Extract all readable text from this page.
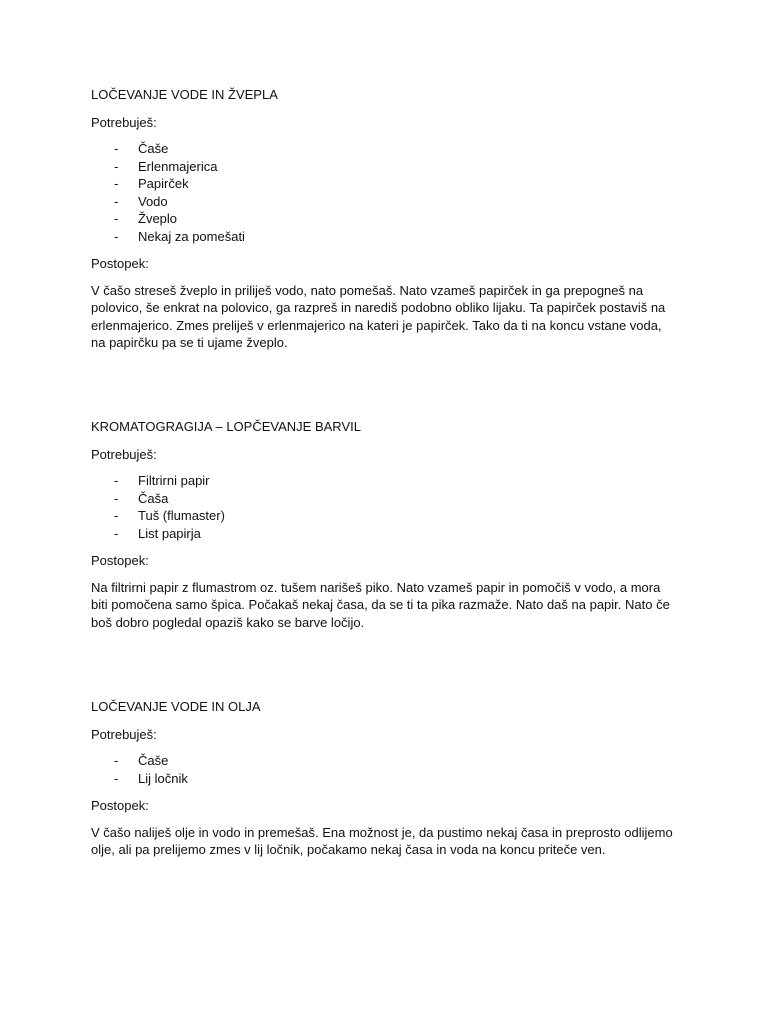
LOČEVANJE VODE IN ŽVEPLA

Potrebuješ:

- Čaše
- Erlenmajerica
- Papirček
- Vodo
- Žveplo
- Nekaj za pomešati

Postopek:

V čašo streseš žveplo in priliješ vodo, nato pomešaš. Nato vzameš papirček in ga prepogneš na polovico, še enkrat na polovico, ga razpreš in narediš podobno obliko lijaku. Ta papirček postaviš na erlenmajerico. Zmes preliješ v erlenmajerico na kateri je papirček. Tako da ti na koncu vstane voda, na papirčku pa se ti ujame žveplo.

KROMATOGRAGIJA – LOPČEVANJE BARVIL

Potrebuješ:

- Filtrirni papir
- Čaša
- Tuš (flumaster)
- List papirja

Postopek:

Na filtrirni papir z flumastrom oz. tušem narišeš piko. Nato vzameš papir in pomočiš v vodo, a mora biti pomočena samo špica. Počakaš nekaj časa, da se ti ta pika razmaže. Nato daš na papir. Nato če boš dobro pogledal opaziš kako se barve ločijo.

LOČEVANJE VODE IN OLJA

Potrebuješ:

- Čaše
- Lij ločnik

Postopek:

V čašo naliješ olje in vodo in premešaš. Ena možnost je, da pustimo nekaj časa in preprosto odlijemo olje, ali pa prelijemo zmes v lij ločnik, počakamo nekaj časa in voda na koncu priteče ven.
